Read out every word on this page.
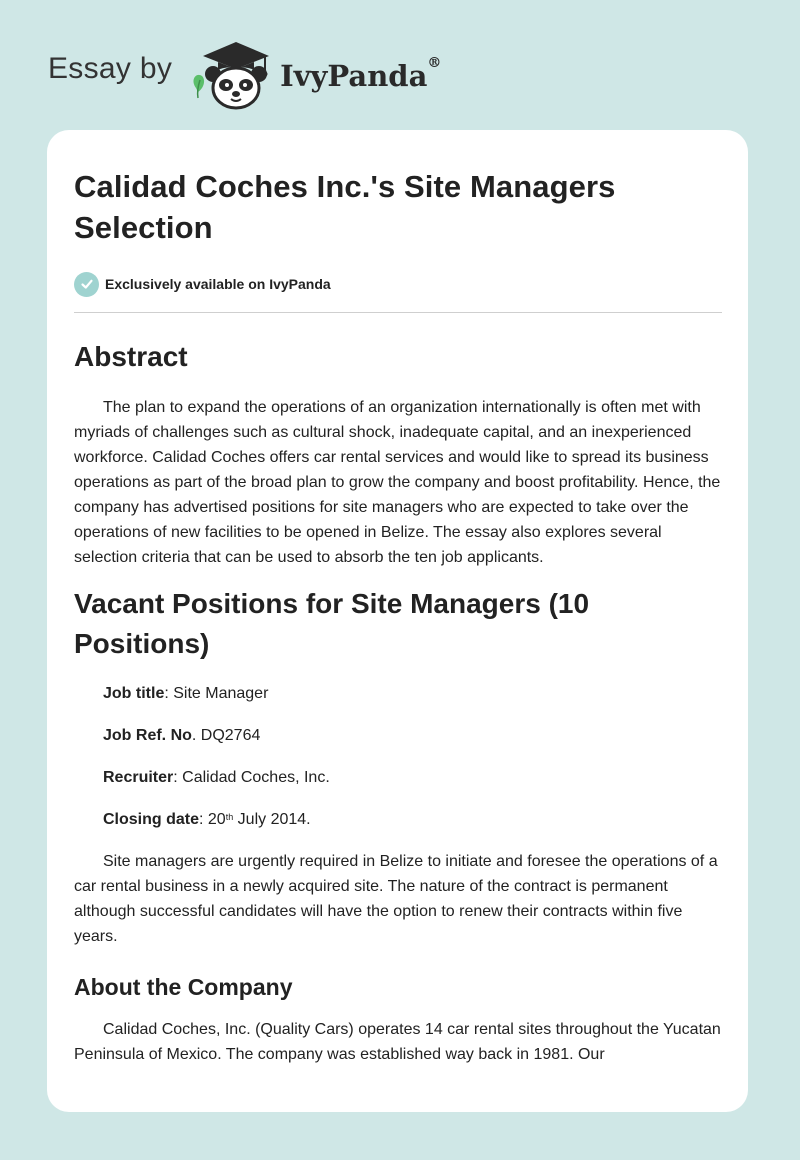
Essay by	IvyPanda®
Calidad Coches Inc.'s Site Managers Selection
Exclusively available on IvyPanda
Abstract

The plan to expand the operations of an organization internationally is often met with myriads of challenges such as cultural shock, inadequate capital, and an inexperienced workforce. Calidad Coches offers car rental services and would like to spread its business operations as part of the broad plan to grow the company and boost profitability. Hence, the company has advertised positions for site managers who are expected to take over the operations of new facilities to be opened in Belize. The essay also explores several selection criteria that can be used to absorb the ten job applicants.

Vacant Positions for Site Managers (10 Positions)
Job title: Site Manager
Job Ref. No. DQ2764
Recruiter: Calidad Coches, Inc.
Closing date: 20th July 2014.

Site managers are urgently required in Belize to initiate and foresee the operations of a car rental business in a newly acquired site. The nature of the contract is permanent although successful candidates will have the option to renew their contracts within five years.

About the Company

Calidad Coches, Inc. (Quality Cars) operates 14 car rental sites throughout the Yucatan Peninsula of Mexico. The company was established way back in 1981. Our
